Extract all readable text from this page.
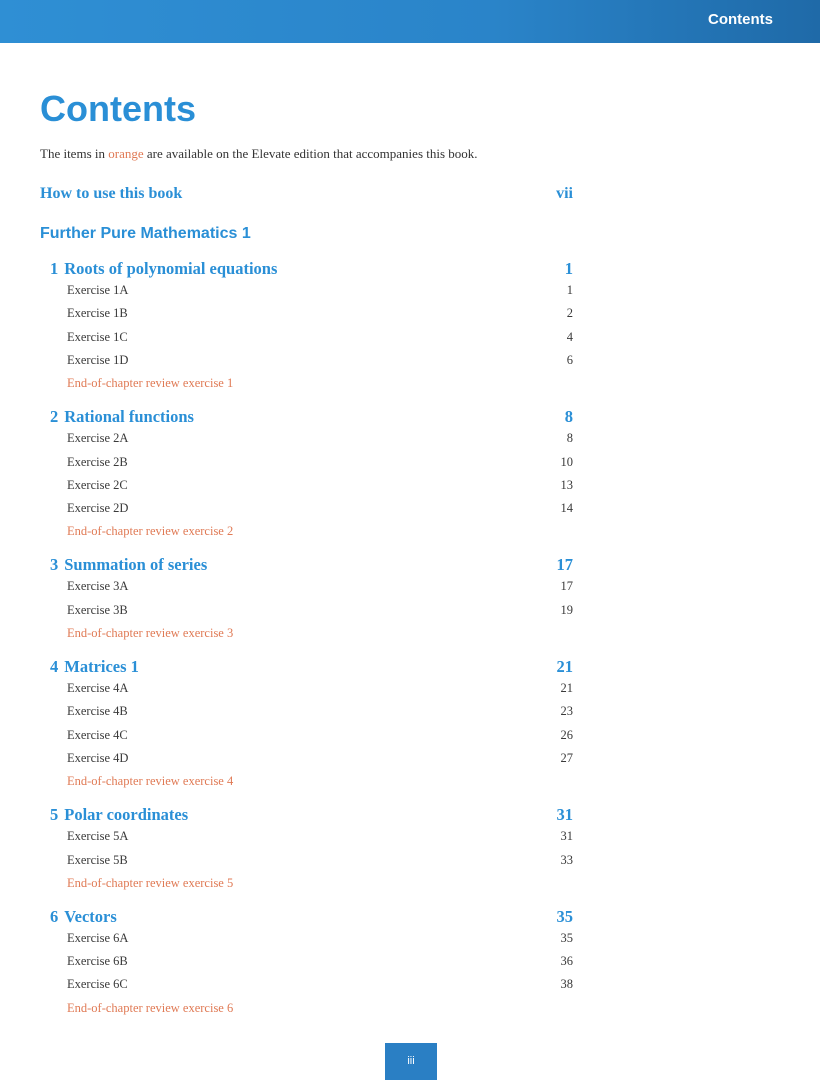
Contents
Contents

The items in orange are available on the Elevate edition that accompanies this book.

How to use this book	vii
Further Pure Mathematics 1
1 Roots of polynomial equations	1
Exercise 1A	1
Exercise 1B	2
Exercise 1C	4
Exercise 1D	6
End-of-chapter review exercise 1
2 Rational functions	8
Exercise 2A	8
Exercise 2B	10
Exercise 2C	13
Exercise 2D	14
End-of-chapter review exercise 2
3 Summation of series	17
Exercise 3A	17
Exercise 3B	19
End-of-chapter review exercise 3
4 Matrices 1	21
Exercise 4A	21
Exercise 4B	23
Exercise 4C	26
Exercise 4D	27
End-of-chapter review exercise 4
5 Polar coordinates	31
Exercise 5A	31
Exercise 5B	33
End-of-chapter review exercise 5
6 Vectors	35
Exercise 6A	35
Exercise 6B	36
Exercise 6C	38
End-of-chapter review exercise 6
iii
